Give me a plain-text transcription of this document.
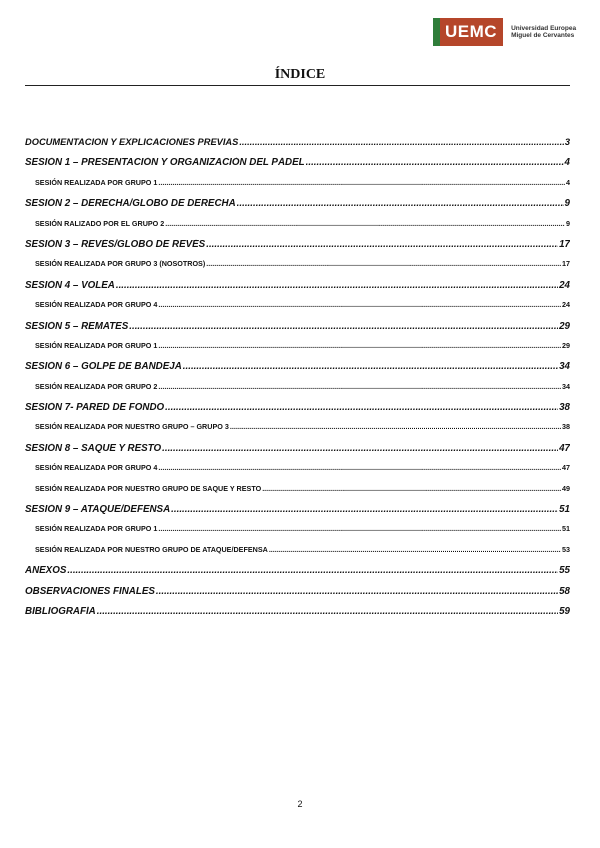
UEMC	Universidad Europea
Miguel de Cervantes
ÍNDICE
DOCUMENTACION Y EXPLICACIONES PREVIAS .....	3
SESIÓN 1 – PRESENTACIÓN Y ORGANIZACIÓN DEL PÁDEL .....	4
SESIÓN REALIZADA POR GRUPO 1 .....	4
SESIÓN 2 – DERECHA/GLOBO DE DERECHA .....	9
SESIÓN RALIZADO POR EL GRUPO 2 .....	9
SESIÓN 3 – REVÉS/GLOBO DE REVÉS .....	17
SESIÓN REALIZADA POR GRUPO 3 (NOSOTROS) .....	17
SESIÓN 4 – VOLEA .....	24
SESIÓN REALIZADA POR GRUPO 4 .....	24
SESIÓN 5 – REMATES .....	29
SESIÓN REALIZADA POR GRUPO 1 .....	29
SESIÓN 6 – GOLPE DE BANDEJA .....	34
SESIÓN REALIZADA POR GRUPO 2 .....	34
SESIÓN 7- PARED DE FONDO .....	38
SESIÓN REALIZADA POR NUESTRO GRUPO – GRUPO 3 .....	38
SESIÓN 8 – SAQUE Y RESTO .....	47
SESIÓN REALIZADA POR GRUPO 4 .....	47
SESIÓN REALIZADA POR NUESTRO GRUPO DE SAQUE Y RESTO .....	49
SESIÓN 9 – ATAQUE/DEFENSA .....	51
SESIÓN REALIZADA POR GRUPO 1 .....	51
SESIÓN REALIZADA POR NUESTRO GRUPO DE ATAQUE/DEFENSA .....	53
ANEXOS .....	55
OBSERVACIONES FINALES .....	58
BIBLIOGRAFÍA .....	59
2
